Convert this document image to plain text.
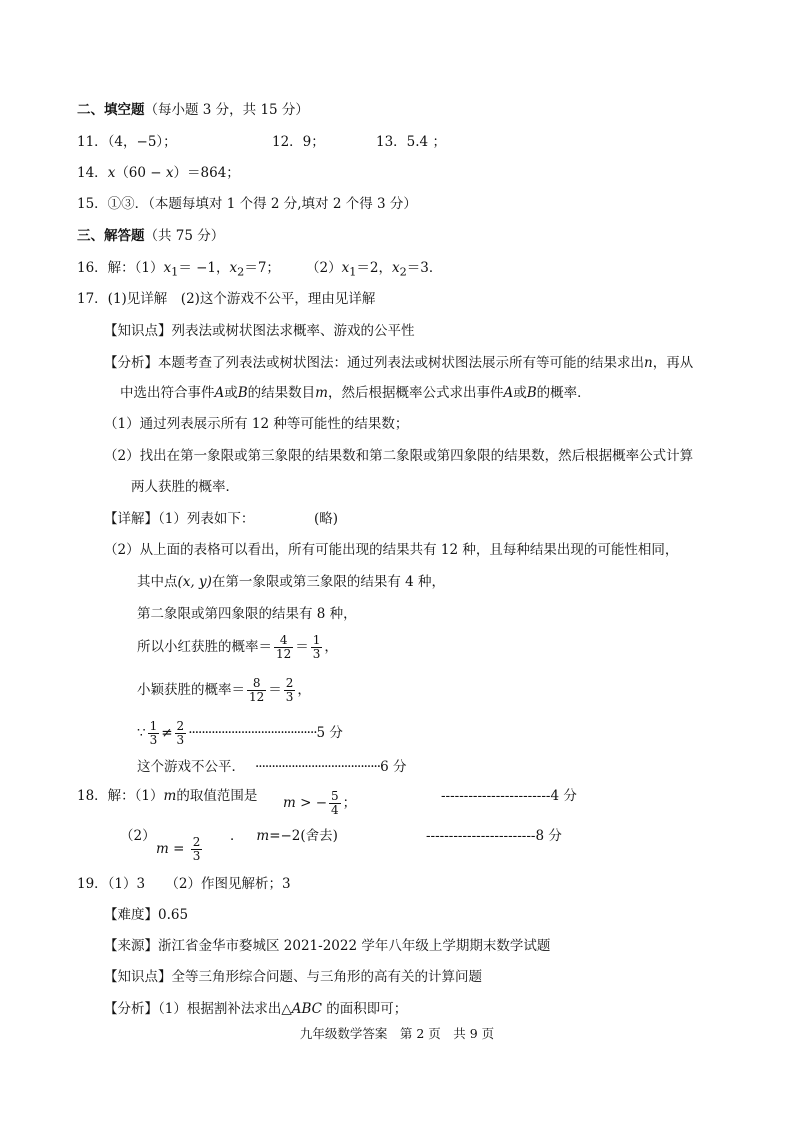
二、填空题（每小题 3 分，共 15 分）
11．（4，−5）；	12．9；	13．5.4 ；
14．x（60 − x）＝864；
15．①③．（本题每填对 1 个得 2 分,填对 2 个得 3 分）
三、解答题（共 75 分）
16．解：$(1)x_1= -1$，$x_2=7$； $(2)x_1=2$，$x_2=3$．
17．(1)见详解　(2)这个游戏不公平，理由见详解
【知识点】列表法或树状图法求概率、游戏的公平性
【分析】本题考查了列表法或树状图法：通过列表法或树状图法展示所有等可能的结果求出n，再从
中选出符合事件A或B的结果数目m，然后根据概率公式求出事件A或B的概率．
（1）通过列表展示所有 12 种等可能性的结果数；
（2）找出在第一象限或第三象限的结果数和第二象限或第四象限的结果数，然后根据概率公式计算
两人获胜的概率．
【详解】（1）列表如下：	(略)
（2）从上面的表格可以看出，所有可能出现的结果共有 12 种，且每种结果出现的可能性相同，
其中点(x, y)在第一象限或第三象限的结果有 4 种，
第二象限或第四象限的结果有 8 种，
所以小红获胜的概率＝ $\frac{4}{12} = \frac{1}{3}$ ，
小颖获胜的概率＝ $\frac{8}{12} = \frac{2}{3}$ ，
∵ $\frac{1}{3} \ne \frac{2}{3} \cdot\cdot\cdot\cdot\cdot\cdot\cdot\cdot\cdot\cdot\cdot\cdot\cdot\cdot\cdot\cdot\cdot\cdot\cdot\cdot\cdot\cdot\cdot\cdot\cdot\cdot\cdot\cdot\cdot\cdot\cdot\cdot\cdot\cdot\cdot\cdot\cdot\cdot\cdot 5$ 分
这个游戏不公平． ······································6 分
18．解：（1）m的取值范围是 m > − $\frac{5}{4}$ ；	------------------------4 分
（2）
$m = \frac{2}{3}$ ． m=−2(舍去)	------------------------8 分
19．（1）3　　（2）作图见解析；3
【难度】0.65
【来源】浙江省金华市婺城区 2021-2022 学年八年级上学期期末数学试题
【知识点】全等三角形综合问题、与三角形的高有关的计算问题
【分析】（1）根据割补法求出△ABC 的面积即可；
九年级数学答案　第 2 页　共 9 页
